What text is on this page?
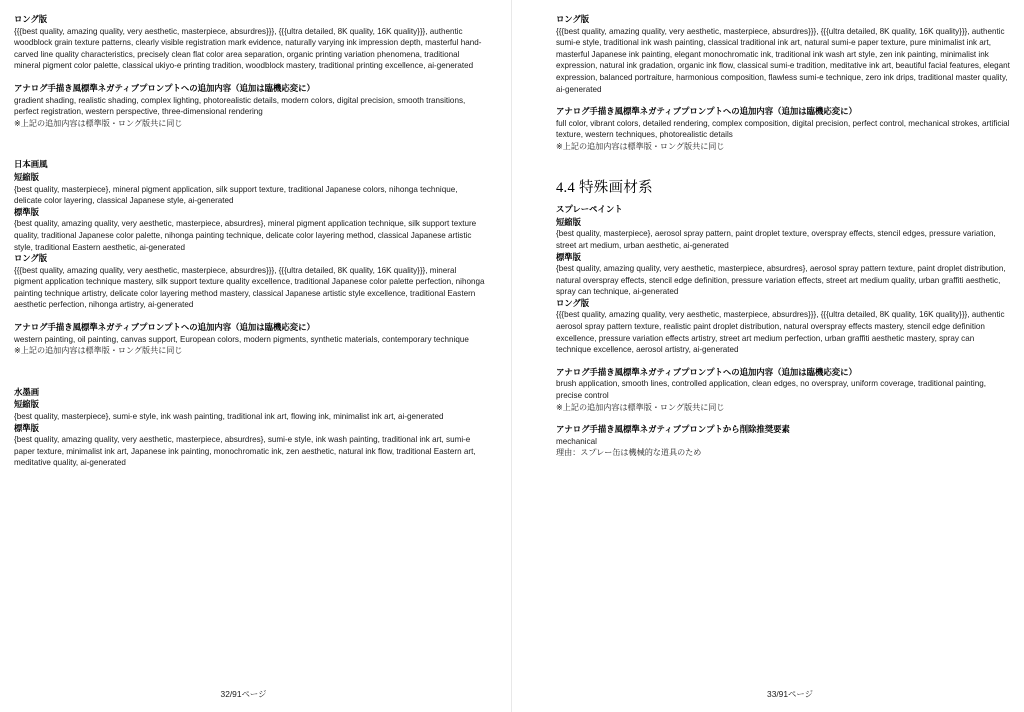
ロング版

{{{best quality, amazing quality, very aesthetic, masterpiece, absurdres}}}, {{{ultra detailed, 8K quality, 16K quality}}}, authentic woodblock grain texture patterns, clearly visible registration mark evidence, naturally varying ink impression depth, masterful hand-carved line quality characteristics, precisely clean flat color area separation, organic printing variation phenomena, traditional mineral pigment color palette, classical ukiyo-e printing tradition, woodblock mastery, traditional printing excellence, ai-generated

アナログ手描き風標準ネガティブプロンプトへの追加内容（追加は臨機応変に）

gradient shading, realistic shading, complex lighting, photorealistic details, modern colors, digital precision, smooth transitions, perfect registration, western perspective, three-dimensional rendering

※上記の追加内容は標準版・ロング版共に同じ

日本画風
短縮版

{best quality, masterpiece}, mineral pigment application, silk support texture, traditional Japanese colors, nihonga technique, delicate color layering, classical Japanese style, ai-generated

標準版

{best quality, amazing quality, very aesthetic, masterpiece, absurdres}, mineral pigment application technique, silk support texture quality, traditional Japanese color palette, nihonga painting technique, delicate color layering method, classical Japanese artistic style, traditional Eastern aesthetic, ai-generated

ロング版

{{{best quality, amazing quality, very aesthetic, masterpiece, absurdres}}}, {{{ultra detailed, 8K quality, 16K quality}}}, mineral pigment application technique mastery, silk support texture quality excellence, traditional Japanese color palette perfection, nihonga painting technique artistry, delicate color layering method mastery, classical Japanese artistic style excellence, traditional Eastern aesthetic perfection, nihonga artistry, ai-generated

アナログ手描き風標準ネガティブプロンプトへの追加内容（追加は臨機応変に）

western painting, oil painting, canvas support, European colors, modern pigments, synthetic materials, contemporary technique

※上記の追加内容は標準版・ロング版共に同じ

水墨画
短縮版

{best quality, masterpiece}, sumi-e style, ink wash painting, traditional ink art, flowing ink, minimalist ink art, ai-generated

標準版

{best quality, amazing quality, very aesthetic, masterpiece, absurdres}, sumi-e style, ink wash painting, traditional ink art, sumi-e paper texture, minimalist ink art, Japanese ink painting, monochromatic ink, zen aesthetic, natural ink flow, traditional Eastern art, meditative quality, ai-generated

32/91ページ
ロング版

{{{best quality, amazing quality, very aesthetic, masterpiece, absurdres}}}, {{{ultra detailed, 8K quality, 16K quality}}}, authentic sumi-e style, traditional ink wash painting, classical traditional ink art, natural sumi-e paper texture, pure minimalist ink art, masterful Japanese ink painting, elegant monochromatic ink, traditional ink wash art style, zen ink painting, minimalist ink expression, natural ink gradation, organic ink flow, classical sumi-e tradition, meditative ink art, beautiful facial features, elegant expression, balanced portraiture, harmonious composition, flawless sumi-e technique, zero ink drips, traditional master quality, ai-generated

アナログ手描き風標準ネガティブプロンプトへの追加内容（追加は臨機応変に）

full color, vibrant colors, detailed rendering, complex composition, digital precision, perfect control, mechanical strokes, artificial texture, western techniques, photorealistic details

※上記の追加内容は標準版・ロング版共に同じ

4.4 特殊画材系
スプレーペイント
短縮版

{best quality, masterpiece}, aerosol spray pattern, paint droplet texture, overspray effects, stencil edges, pressure variation, street art medium, urban aesthetic, ai-generated

標準版

{best quality, amazing quality, very aesthetic, masterpiece, absurdres}, aerosol spray pattern texture, paint droplet distribution, natural overspray effects, stencil edge definition, pressure variation effects, street art medium quality, urban graffiti aesthetic, spray can technique, ai-generated

ロング版

{{{best quality, amazing quality, very aesthetic, masterpiece, absurdres}}}, {{{ultra detailed, 8K quality, 16K quality}}}, authentic aerosol spray pattern texture, realistic paint droplet distribution, natural overspray effects mastery, stencil edge definition excellence, pressure variation effects artistry, street art medium perfection, urban graffiti aesthetic mastery, spray can technique excellence, aerosol artistry, ai-generated

アナログ手描き風標準ネガティブプロンプトへの追加内容（追加は臨機応変に）

brush application, smooth lines, controlled application, clean edges, no overspray, uniform coverage, traditional painting, precise control

※上記の追加内容は標準版・ロング版共に同じ

アナログ手描き風標準ネガティブプロンプトから削除推奨要素

mechanical

理由：スプレー缶は機械的な道具のため

33/91ページ
